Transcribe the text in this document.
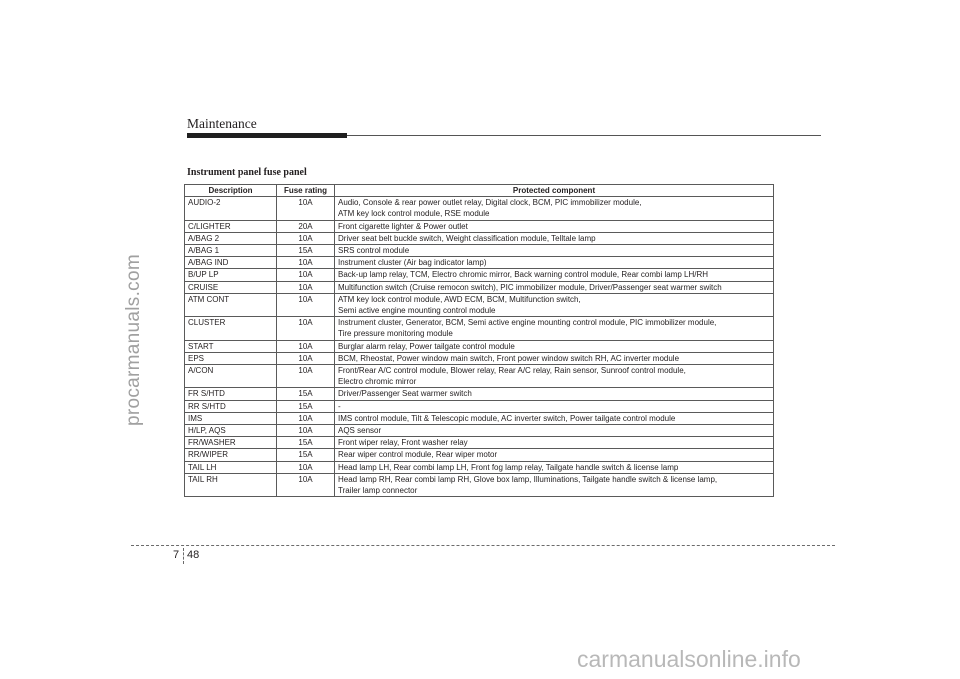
Maintenance
procarmanuals.com
Instrument panel fuse panel
Description	Fuse rating	Protected component
AUDIO-2	10A	Audio, Console & rear power outlet relay, Digital clock, BCM, PIC immobilizer module,
ATM key lock control module, RSE module

C/LIGHTER	20A	Front cigarette lighter & Power outlet

A/BAG 2	10A	Driver seat belt buckle switch, Weight classification module, Telltale lamp

A/BAG 1	15A	SRS control module

A/BAG IND	10A	Instrument cluster (Air bag indicator lamp)

B/UP LP	10A	Back-up lamp relay, TCM, Electro chromic mirror, Back warning control module, Rear combi lamp LH/RH

CRUISE	10A	Multifunction switch (Cruise remocon switch), PIC immobilizer module, Driver/Passenger seat warmer switch

ATM CONT	10A	ATM key lock control module, AWD ECM, BCM, Multifunction switch,
Semi active engine mounting control module

CLUSTER	10A	Instrument cluster, Generator, BCM, Semi active engine mounting control module, PIC immobilizer module,
Tire pressure monitoring module

START	10A	Burglar alarm relay, Power tailgate control module

EPS	10A	BCM, Rheostat, Power window main switch, Front power window switch RH, AC inverter module

A/CON	10A	Front/Rear A/C control module, Blower relay, Rear A/C relay, Rain sensor, Sunroof control module,
Electro chromic mirror

FR S/HTD	15A	Driver/Passenger Seat warmer switch

RR S/HTD	15A	-

IMS	10A	IMS control module, Tilt & Telescopic module, AC inverter switch, Power tailgate control module

H/LP, AQS	10A	AQS sensor

FR/WASHER	15A	Front wiper relay, Front washer relay

RR/WIPER	15A	Rear wiper control module, Rear wiper motor

TAIL LH	10A	Head lamp LH, Rear combi lamp LH, Front fog lamp relay, Tailgate handle switch & license lamp

TAIL RH	10A	Head lamp RH, Rear combi lamp RH, Glove box lamp, Illuminations, Tailgate handle switch & license lamp,
Trailer lamp connector
7 48
carmanualsonline.info
